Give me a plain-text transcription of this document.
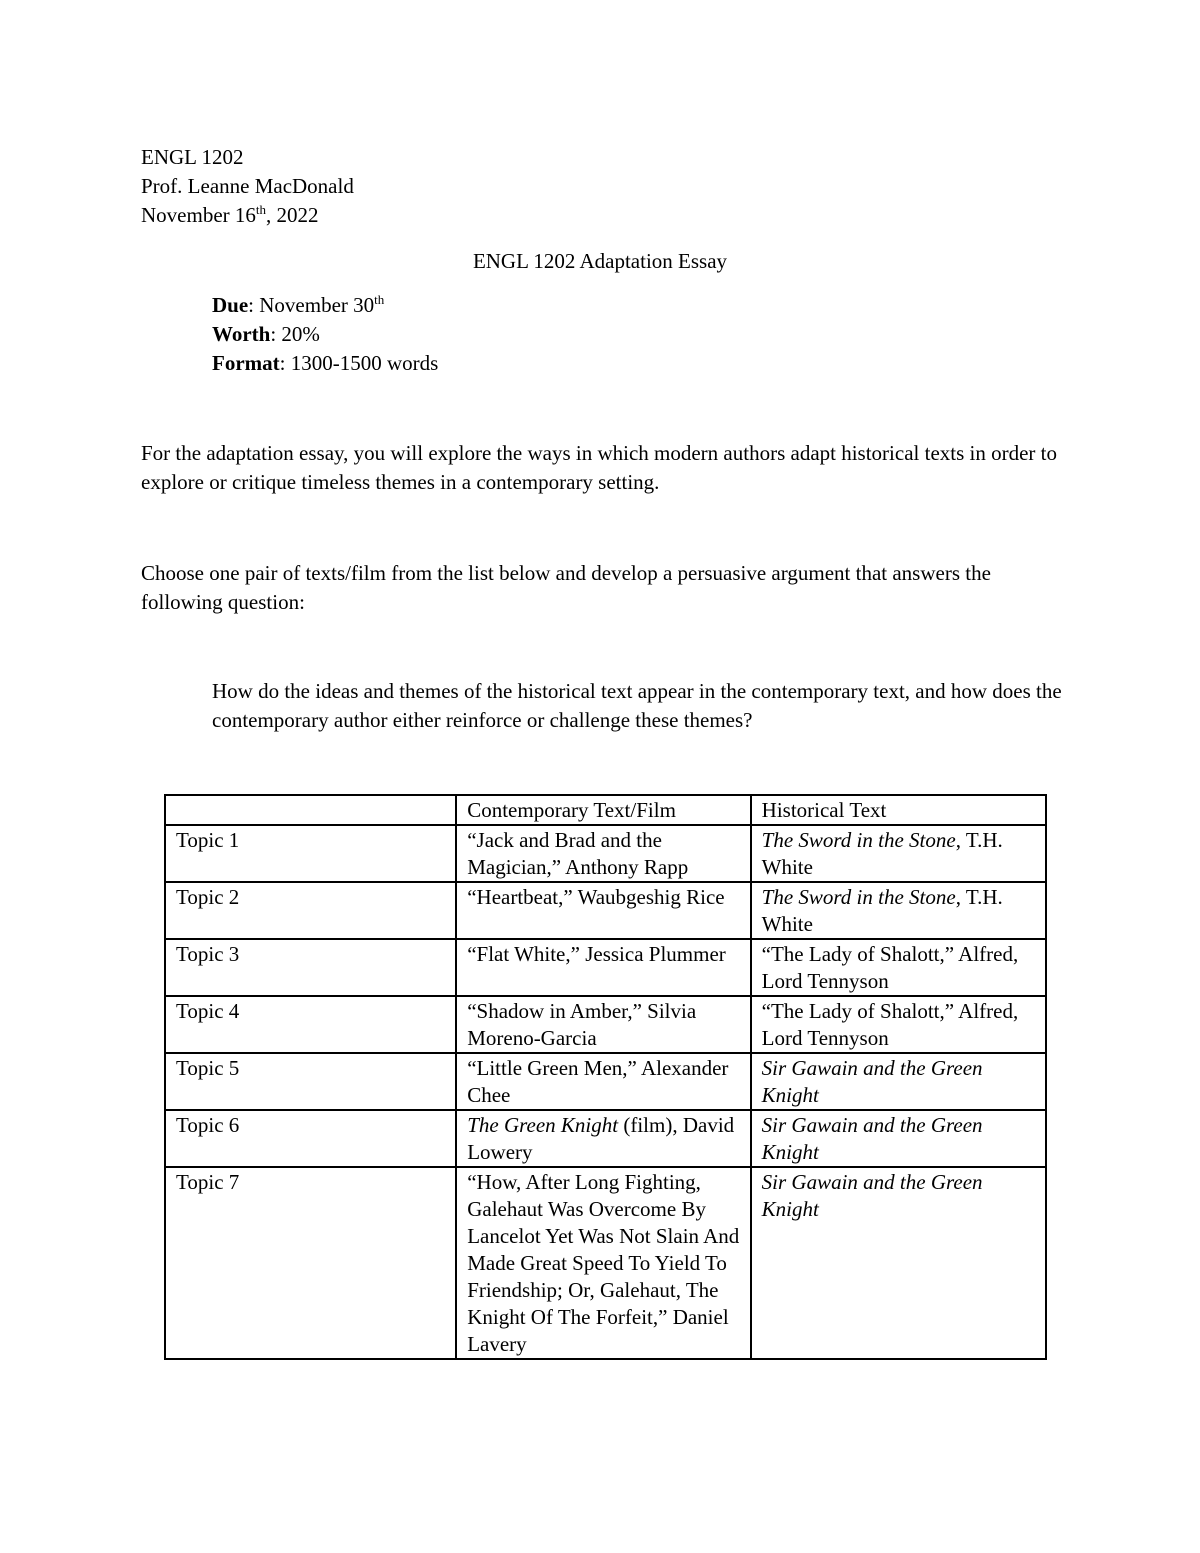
ENGL 1202
Prof. Leanne MacDonald
November 16th, 2022
ENGL 1202 Adaptation Essay
Due: November 30th
Worth: 20%
Format: 1300-1500 words
For the adaptation essay, you will explore the ways in which modern authors adapt historical texts in order to explore or critique timeless themes in a contemporary setting.
Choose one pair of texts/film from the list below and develop a persuasive argument that answers the following question:
How do the ideas and themes of the historical text appear in the contemporary text, and how does the contemporary author either reinforce or challenge these themes?
	Contemporary Text/Film	Historical Text
Topic 1	“Jack and Brad and the Magician,” Anthony Rapp	The Sword in the Stone, T.H. White
Topic 2	“Heartbeat,” Waubgeshig Rice	The Sword in the Stone, T.H. White
Topic 3	“Flat White,” Jessica Plummer	“The Lady of Shalott,” Alfred, Lord Tennyson
Topic 4	“Shadow in Amber,” Silvia Moreno-Garcia	“The Lady of Shalott,” Alfred, Lord Tennyson
Topic 5	“Little Green Men,” Alexander Chee	Sir Gawain and the Green Knight
Topic 6	The Green Knight (film), David Lowery	Sir Gawain and the Green Knight
Topic 7	“How, After Long Fighting, Galehaut Was Overcome By Lancelot Yet Was Not Slain And Made Great Speed To Yield To Friendship; Or, Galehaut, The Knight Of The Forfeit,” Daniel Lavery	Sir Gawain and the Green Knight
